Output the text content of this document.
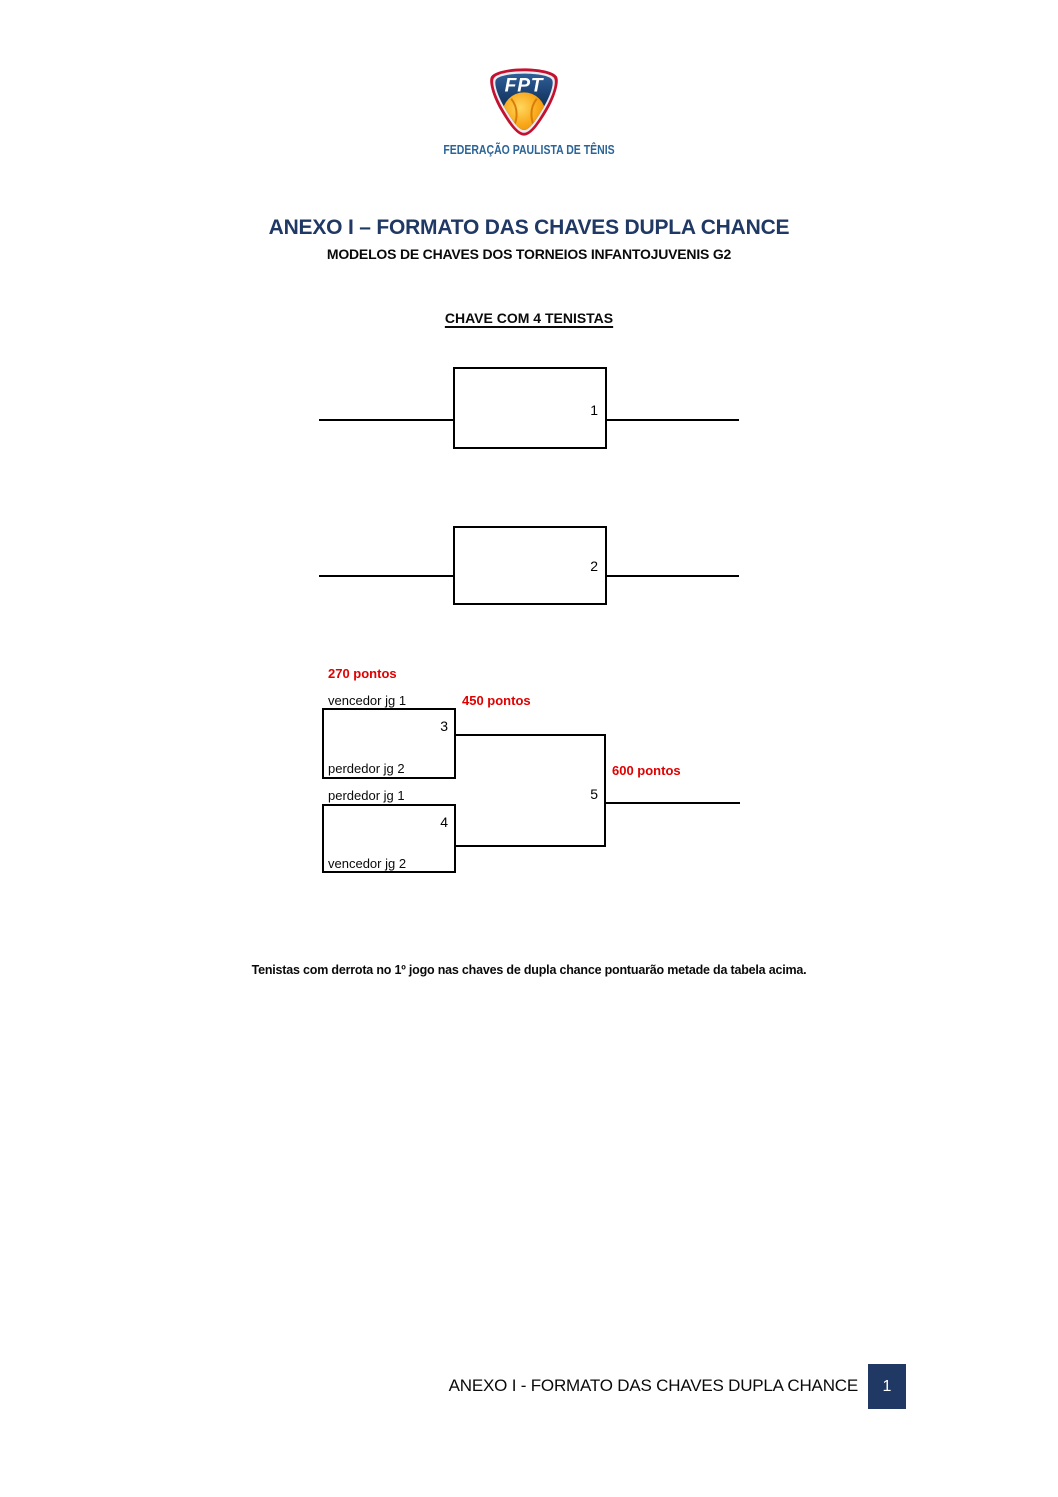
FPT
FEDERAÇÃO PAULISTA DE TÊNIS
ANEXO I – FORMATO DAS CHAVES DUPLA CHANCE
MODELOS DE CHAVES DOS TORNEIOS INFANTOJUVENIS G2
CHAVE COM 4 TENISTAS
1
2
270 pontos
vencedor jg 1
3
450 pontos
perdedor jg 2
perdedor jg 1
4
vencedor jg 2
5
600 pontos
Tenistas com derrota no 1º jogo nas chaves de dupla chance pontuarão metade da tabela acima.
ANEXO I - FORMATO DAS CHAVES DUPLA CHANCE 1
